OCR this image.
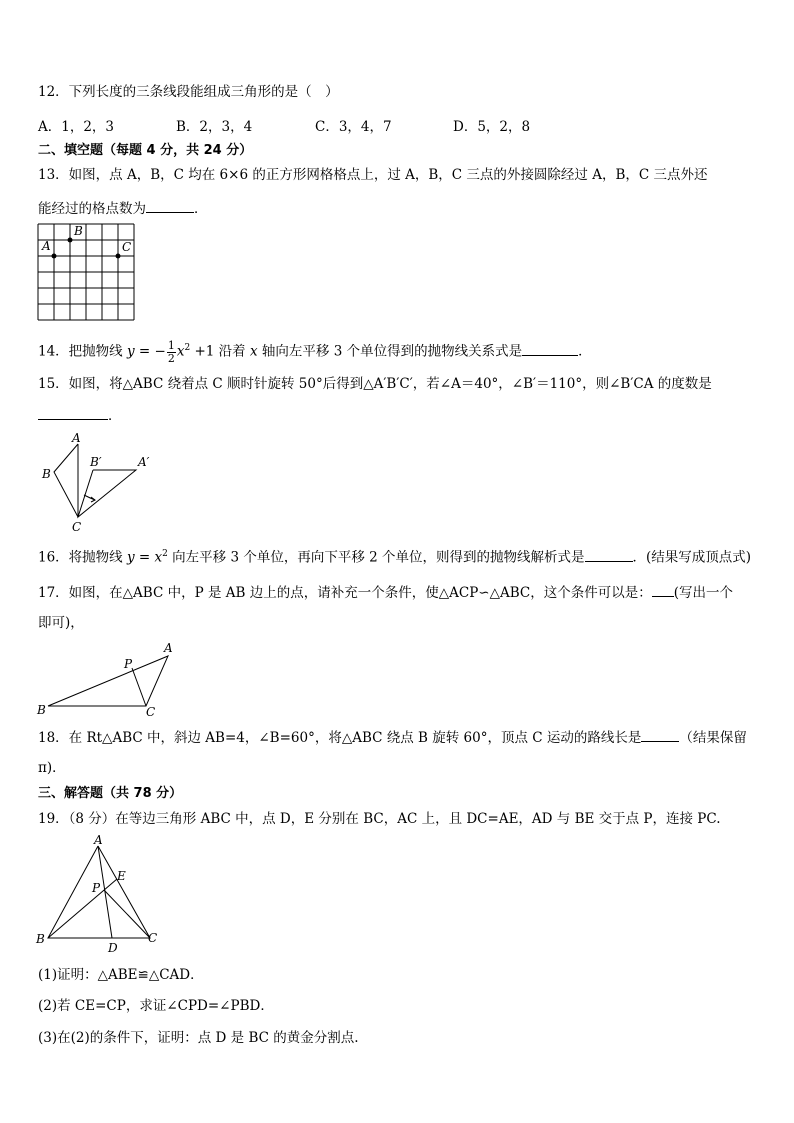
12．下列长度的三条线段能组成三角形的是（　）
A．1，2，3	B．2，3，4	C．3，4，7	D．5，2，8
二、填空题（每题 4 分，共 24 分）
13．如图，点 A，B，C 均在 6×6 的正方形网格格点上，过 A，B，C 三点的外接圆除经过 A，B，C 三点外还
能经过的格点数为	．
A
B
C
14．把抛物线 y = − $\frac{1}{2} x^2 +1$ 沿着 x 轴向左平移 3 个单位得到的抛物线关系式是	．
15．如图，将△ABC 绕着点 C 顺时针旋转 50°后得到△A′B′C′，若∠A＝40°，∠B′＝110°，则∠B′CA 的度数是
．
A
B
B′	A′
C
16．将抛物线 $y = x^2$ 向左平移 3 个单位，再向下平移 2 个单位，则得到的抛物线解析式是	．(结果写成顶点式)
17．如图，在△ABC 中，P 是 AB 边上的点，请补充一个条件，使△ACP∽△ABC，这个条件可以是： (写出一个
即可)，
A
P
B	C
18．在 Rt△ABC 中，斜边 AB=4，∠B=60°，将△ABC 绕点 B 旋转 60°，顶点 C 运动的路线长是	（结果保留
π)．
三、解答题（共 78 分）
19．（8 分）在等边三角形 ABC 中，点 D，E 分别在 BC，AC 上，且 DC=AE，AD 与 BE 交于点 P，连接 PC.
A
E
P
B
D
C
(1)证明：△ABE≌△CAD．
(2)若 CE=CP，求证∠CPD=∠PBD．
(3)在(2)的条件下，证明：点 D 是 BC 的黄金分割点.
